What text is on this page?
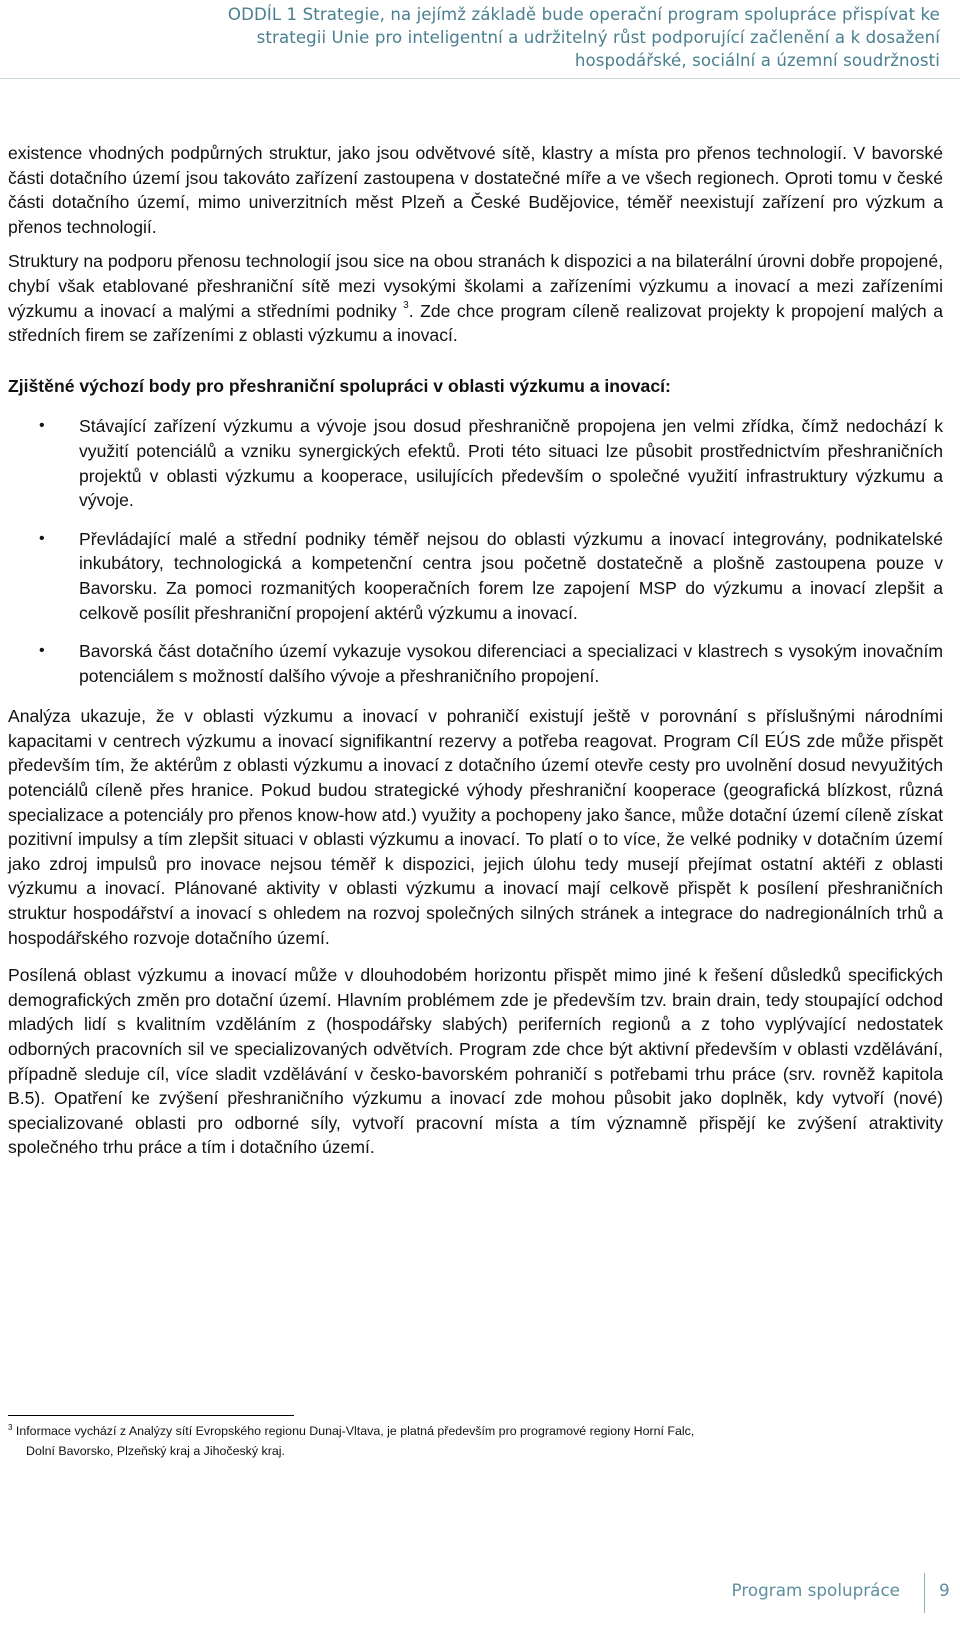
ODDÍL 1 Strategie, na jejímž základě bude operační program spolupráce přispívat ke
strategii Unie pro inteligentní a udržitelný růst podporující začlenění a k dosažení
hospodářské, sociální a územní soudržnosti

existence vhodných podpůrných struktur, jako jsou odvětvové sítě, klastry a místa pro přenos technologií. V bavorské části dotačního území jsou takováto zařízení zastoupena v dostatečné míře a ve všech regionech. Oproti tomu v české části dotačního území, mimo univerzitních měst Plzeň a České Budějovice, téměř neexistují zařízení pro výzkum a přenos technologií.

Struktury na podporu přenosu technologií jsou sice na obou stranách k dispozici a na bilaterální úrovni dobře propojené, chybí však etablované přeshraniční sítě mezi vysokými školami a zařízeními výzkumu a inovací a mezi zařízeními výzkumu a inovací a malými a středními podniky $^3$. Zde chce program cíleně realizovat projekty k propojení malých a středních firem se zařízeními z oblasti výzkumu a inovací.

Zjištěné výchozí body pro přeshraniční spolupráci v oblasti výzkumu a inovací:

•	Stávající zařízení výzkumu a vývoje jsou dosud přeshraničně propojena jen velmi zřídka, čímž nedochází k využití potenciálů a vzniku synergických efektů. Proti této situaci lze působit prostřednictvím přeshraničních projektů v oblasti výzkumu a kooperace, usilujících především o společné využití infrastruktury výzkumu a vývoje.
•	Převládající malé a střední podniky téměř nejsou do oblasti výzkumu a inovací integrovány, podnikatelské inkubátory, technologická a kompetenční centra jsou početně dostatečně a plošně zastoupena pouze v Bavorsku. Za pomoci rozmanitých kooperačních forem lze zapojení MSP do výzkumu a inovací zlepšit a celkově posílit přeshraniční propojení aktérů výzkumu a inovací.
•	Bavorská část dotačního území vykazuje vysokou diferenciaci a specializaci v klastrech s vysokým inovačním potenciálem s možností dalšího vývoje a přeshraničního propojení.

Analýza ukazuje, že v oblasti výzkumu a inovací v pohraničí existují ještě v porovnání s příslušnými národními kapacitami v centrech výzkumu a inovací signifikantní rezervy a potřeba reagovat. Program Cíl EÚS zde může přispět především tím, že aktérům z oblasti výzkumu a inovací z dotačního území otevře cesty pro uvolnění dosud nevyužitých potenciálů cíleně přes hranice. Pokud budou strategické výhody přeshraniční kooperace (geografická blízkost, různá specializace a potenciály pro přenos know-how atd.) využity a pochopeny jako šance, může dotační území cíleně získat pozitivní impulsy a tím zlepšit situaci v oblasti výzkumu a inovací. To platí o to více, že velké podniky v dotačním území jako zdroj impulsů pro inovace nejsou téměř k dispozici, jejich úlohu tedy musejí přejímat ostatní aktéři z oblasti výzkumu a inovací. Plánované aktivity v oblasti výzkumu a inovací mají celkově přispět k posílení přeshraničních struktur hospodářství a inovací s ohledem na rozvoj společných silných stránek a integrace do nadregionálních trhů a hospodářského rozvoje dotačního území.

Posílená oblast výzkumu a inovací může v dlouhodobém horizontu přispět mimo jiné k řešení důsledků specifických demografických změn pro dotační území. Hlavním problémem zde je především tzv. brain drain, tedy stoupající odchod mladých lidí s kvalitním vzděláním z (hospodářsky slabých) periferních regionů a z toho vyplývající nedostatek odborných pracovních sil ve specializovaných odvětvích. Program zde chce být aktivní především v oblasti vzdělávání, případně sleduje cíl, více sladit vzdělávání v česko-bavorském pohraničí s potřebami trhu práce (srv. rovněž kapitola B.5). Opatření ke zvýšení přeshraničního výzkumu a inovací zde mohou působit jako doplněk, kdy vytvoří (nové) specializované oblasti pro odborné síly, vytvoří pracovní místa a tím významně přispějí ke zvýšení atraktivity společného trhu práce a tím i dotačního území.

$^3$ Informace vychází z Analýzy sítí Evropského regionu Dunaj-Vltava, je platná především pro programové regiony Horní Falc,
Dolní Bavorsko, Plzeňský kraj a Jihočeský kraj.
Program spolupráce 9
